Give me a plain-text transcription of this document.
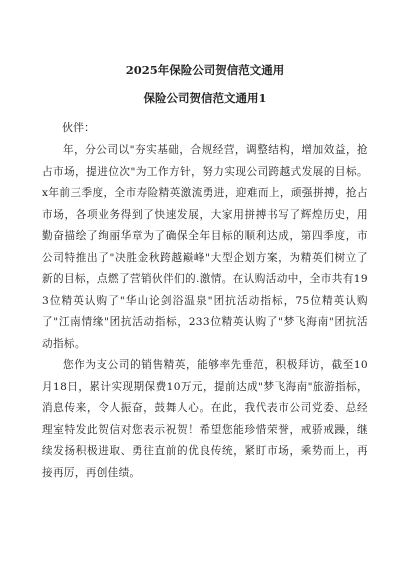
2025年保险公司贺信范文通用
保险公司贺信范文通用1

伙伴：

年，分公司以"夯实基础，合规经营，调整结构，增加效益，抢占市场，提进位次"为工作方针，努力实现公司跨越式发展的目标。x年前三季度，全市寿险精英激流勇进，迎难而上，顽强拼搏，抢占市场，各项业务得到了快速发展，大家用拼搏书写了辉煌历史，用勤奋描绘了绚丽华章为了确保全年目标的顺利达成，第四季度，市公司特推出了"决胜金秋跨越巅峰"大型企划方案，为精英们树立了新的目标，点燃了营销伙伴们的.激情。在认购活动中，全市共有193位精英认购了"华山论剑浴温泉"团抗活动指标，75位精英认购了"江南情缘"团抗活动指标，233位精英认购了"梦飞海南"团抗活动指标。

您作为支公司的销售精英，能够率先垂范，积极拜访，截至10月18日，累计实现期保费10万元，提前达成"梦飞海南"旅游指标，消息传来，令人振奋，鼓舞人心。在此，我代表市公司党委、总经理室特发此贺信对您表示祝贺！希望您能珍惜荣誉，戒骄戒躁，继续发扬积极进取、勇往直前的优良传统，紧盯市场，乘势而上，再接再厉，再创佳绩。
